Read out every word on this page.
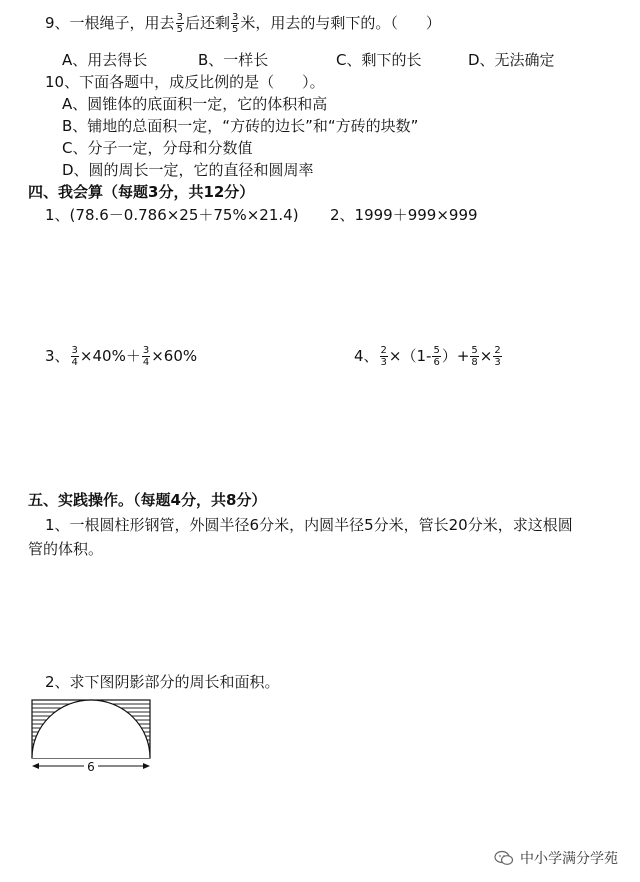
9、一根绳子，用去 $\frac{3}{5}$ 后还剩 $\frac{3}{5}$ 米，用去的与剩下的。（ ）
A、用去得长	B、一样长	C、剩下的长	D、无法确定
10、下面各题中，成反比例的是（ ）。
A、圆锥体的底面积一定，它的体积和高
B、铺地的总面积一定，“方砖的边长”和“方砖的块数”
C、分子一定，分母和分数值
D、圆的周长一定，它的直径和圆周率
四、我会算（每题3分，共12分）
1、(78.6－0.786×25＋75%×21.4) 2、1999＋999×999
3、 $\frac{3}{4} \times 40\%+ \frac{3}{4} \times 60\%$	4、 $\frac{2}{3} \times(1- \frac{5}{6}$ ）+ $\frac{5}{8} \times \frac{2}{3}$
五、实践操作。（每题4分，共8分）
1、一根圆柱形钢管，外圆半径6分米，内圆半径5分米，管长20分米，求这根圆
管的体积。
2、求下图阴影部分的周长和面积。
6
中小学满分学苑
